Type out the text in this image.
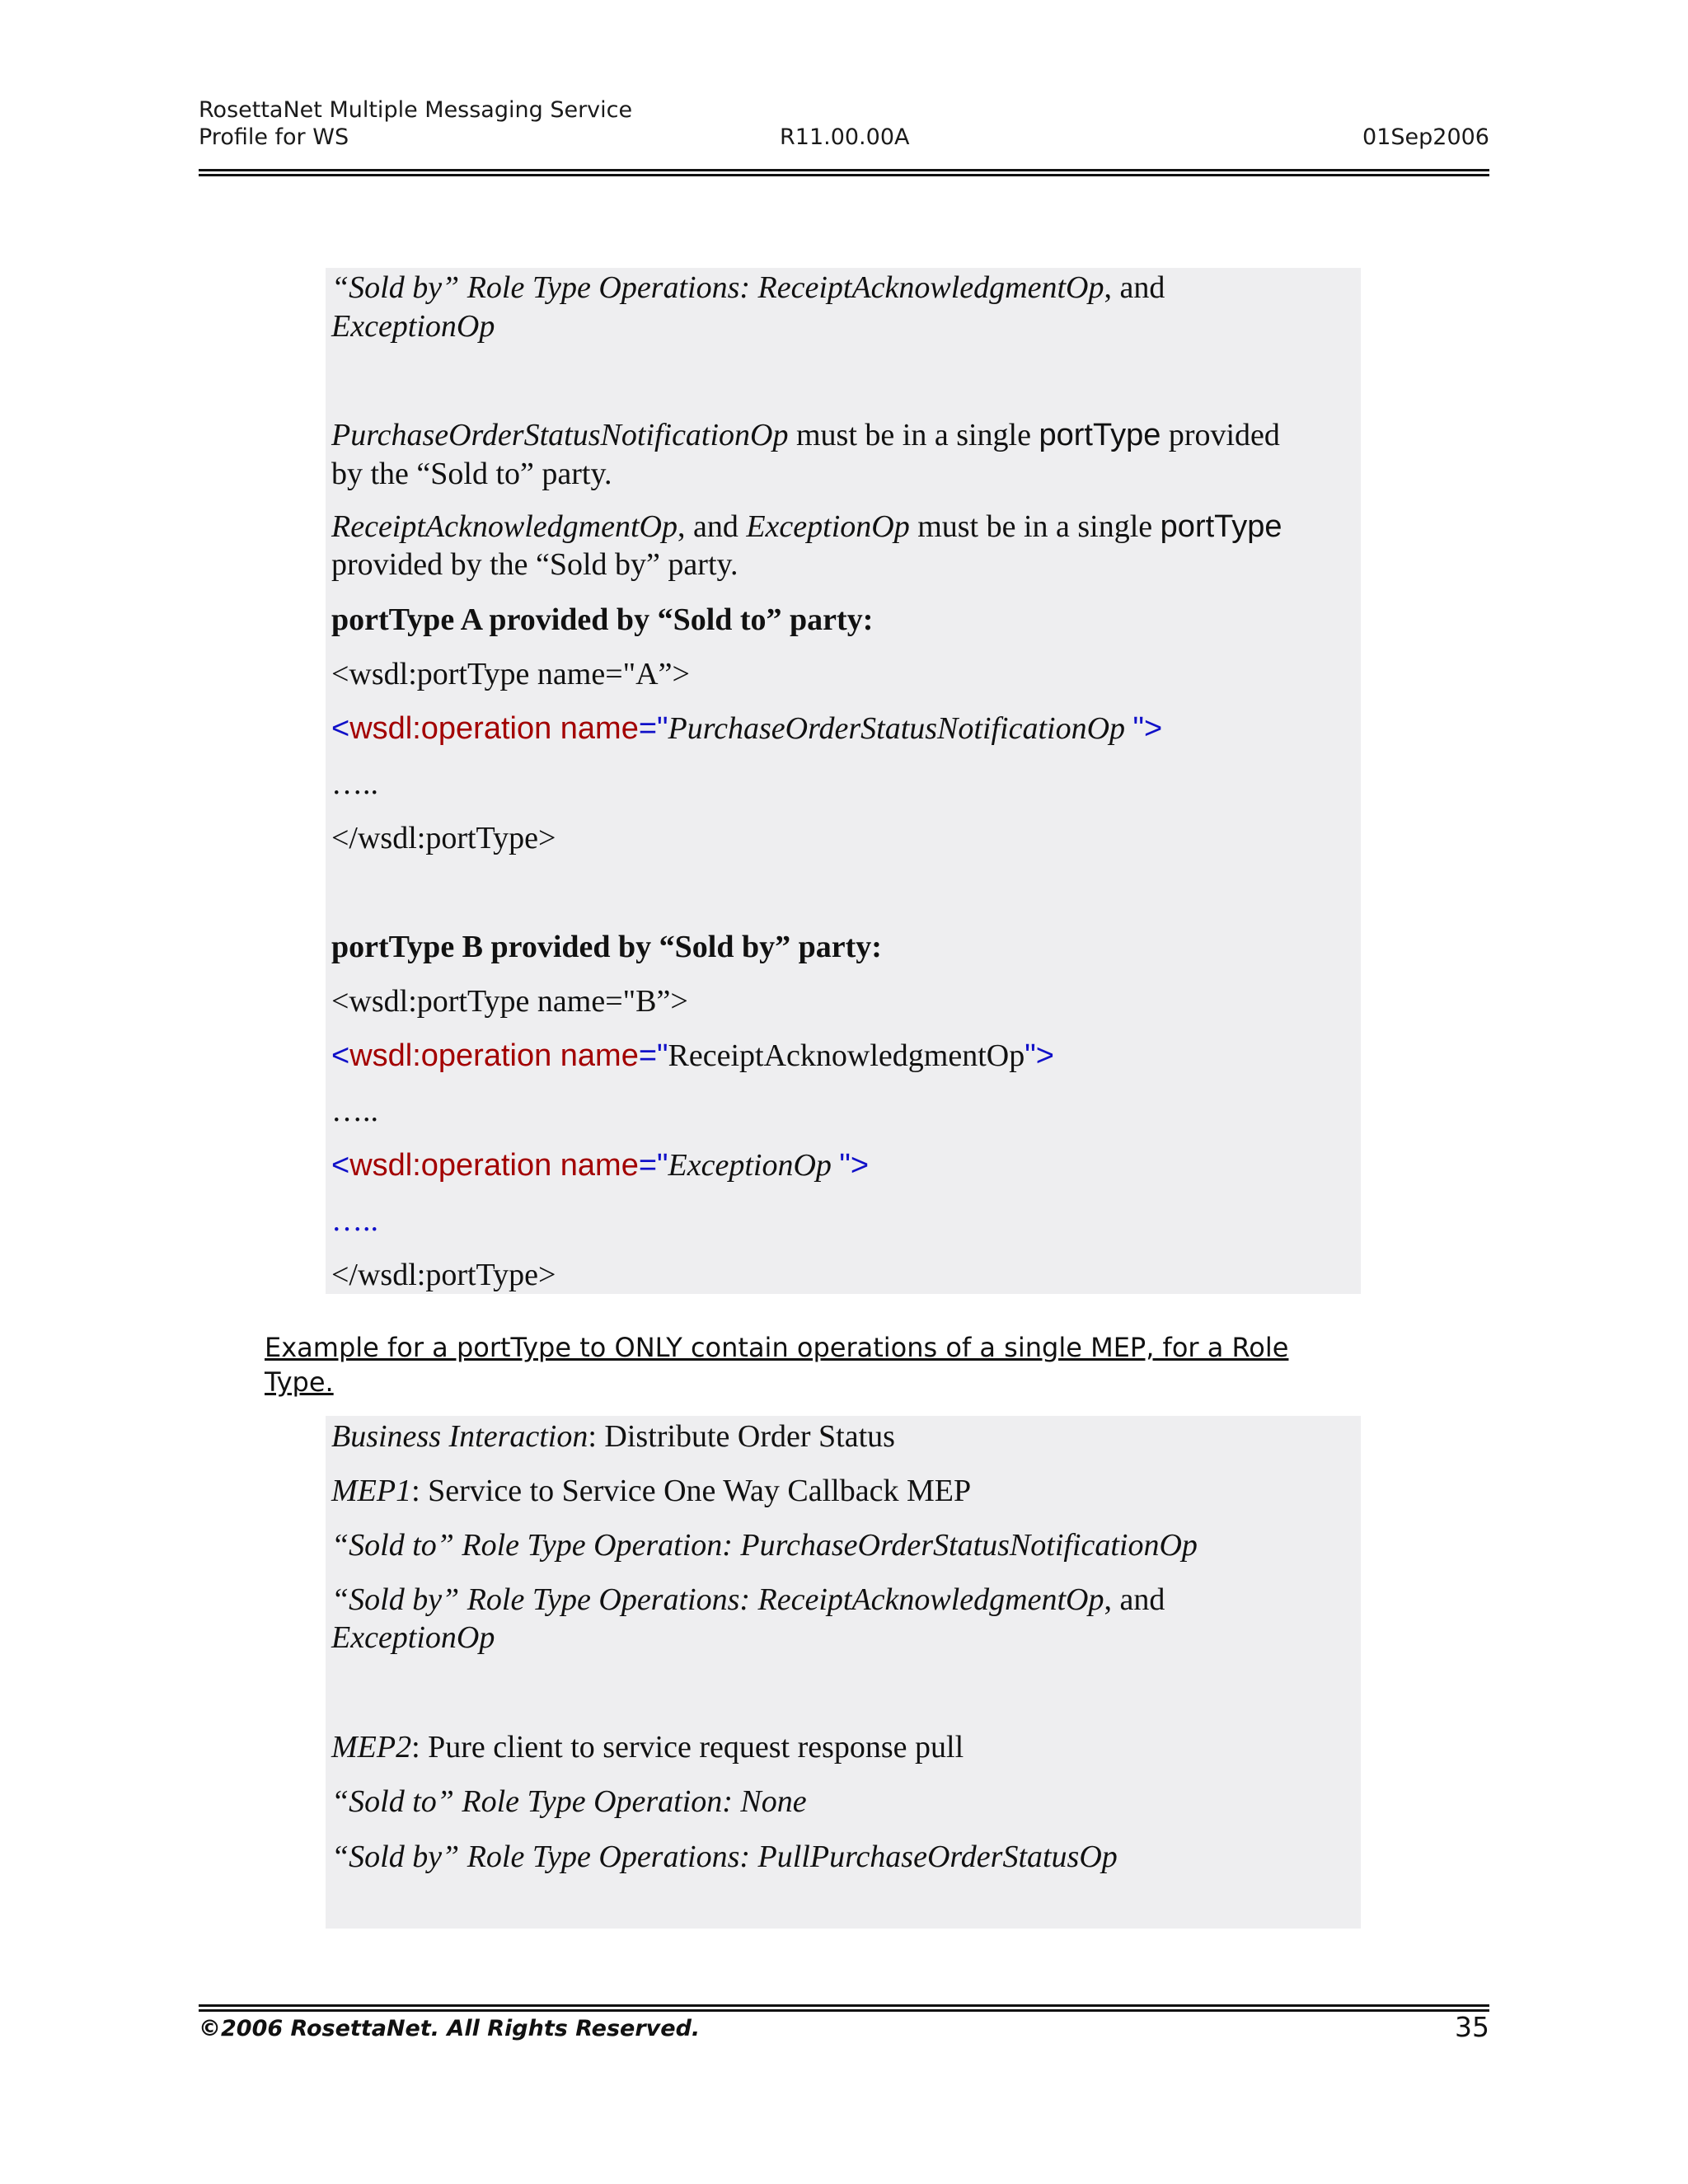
RosettaNet Multiple Messaging Service
Profile for WS	R11.00.00A	01Sep2006
“Sold by” Role Type Operations: ReceiptAcknowledgmentOp, and
ExceptionOp
PurchaseOrderStatusNotificationOp must be in a single portType provided
by the “Sold to” party.
ReceiptAcknowledgmentOp, and ExceptionOp must be in a single portType
provided by the “Sold by” party.
portType A provided by “Sold to” party:
<wsdl:portType name="A”>
<wsdl:operation name="PurchaseOrderStatusNotificationOp ">
…..
</wsdl:portType>
portType B provided by “Sold by” party:
<wsdl:portType name="B”>
<wsdl:operation name="ReceiptAcknowledgmentOp">
…..
<wsdl:operation name="ExceptionOp ">
…..
</wsdl:portType>
Example for a portType to ONLY contain operations of a single MEP, for a Role Type.
Business Interaction: Distribute Order Status
MEP1: Service to Service One Way Callback MEP
“Sold to” Role Type Operation: PurchaseOrderStatusNotificationOp
“Sold by” Role Type Operations: ReceiptAcknowledgmentOp, and
ExceptionOp
MEP2: Pure client to service request response pull
“Sold to” Role Type Operation: None
“Sold by” Role Type Operations: PullPurchaseOrderStatusOp
©2006 RosettaNet. All Rights Reserved.	35
